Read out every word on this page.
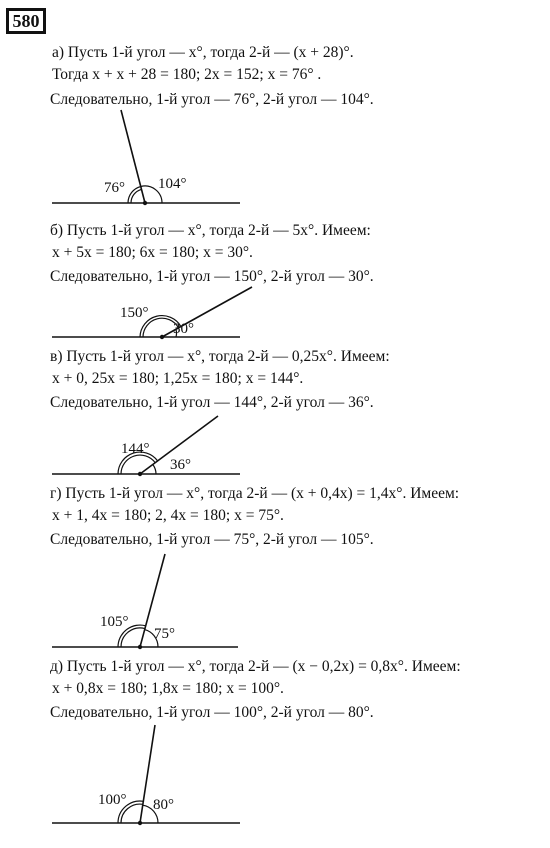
580
а) Пусть 1-й угол — x°, тогда 2-й — (x + 28)°.
Тогда x + x + 28 = 180; 2x = 152; x = 76° .
Следовательно, 1-й угол — 76°, 2-й угол — 104°.
76° 104°
б) Пусть 1-й угол — x°, тогда 2-й — 5x°. Имеем:
x + 5x = 180; 6x = 180; x = 30°.
Следовательно, 1-й угол — 150°, 2-й угол — 30°.
150°
30°
в) Пусть 1-й угол — x°, тогда 2-й — 0,25x°. Имеем:
x + 0, 25x = 180; 1,25x = 180; x = 144°.
Следовательно, 1-й угол — 144°, 2-й угол — 36°.
144°
36°
г) Пусть 1-й угол — x°, тогда 2-й — (x + 0,4x) = 1,4x°. Имеем:
x + 1, 4x = 180; 2, 4x = 180; x = 75°.
Следовательно, 1-й угол — 75°, 2-й угол — 105°.
105°
75°
д) Пусть 1-й угол — x°, тогда 2-й — (x − 0,2x) = 0,8x°. Имеем:
x + 0,8x = 180; 1,8x = 180; x = 100°.
Следовательно, 1-й угол — 100°, 2-й угол — 80°.
100° 80°
